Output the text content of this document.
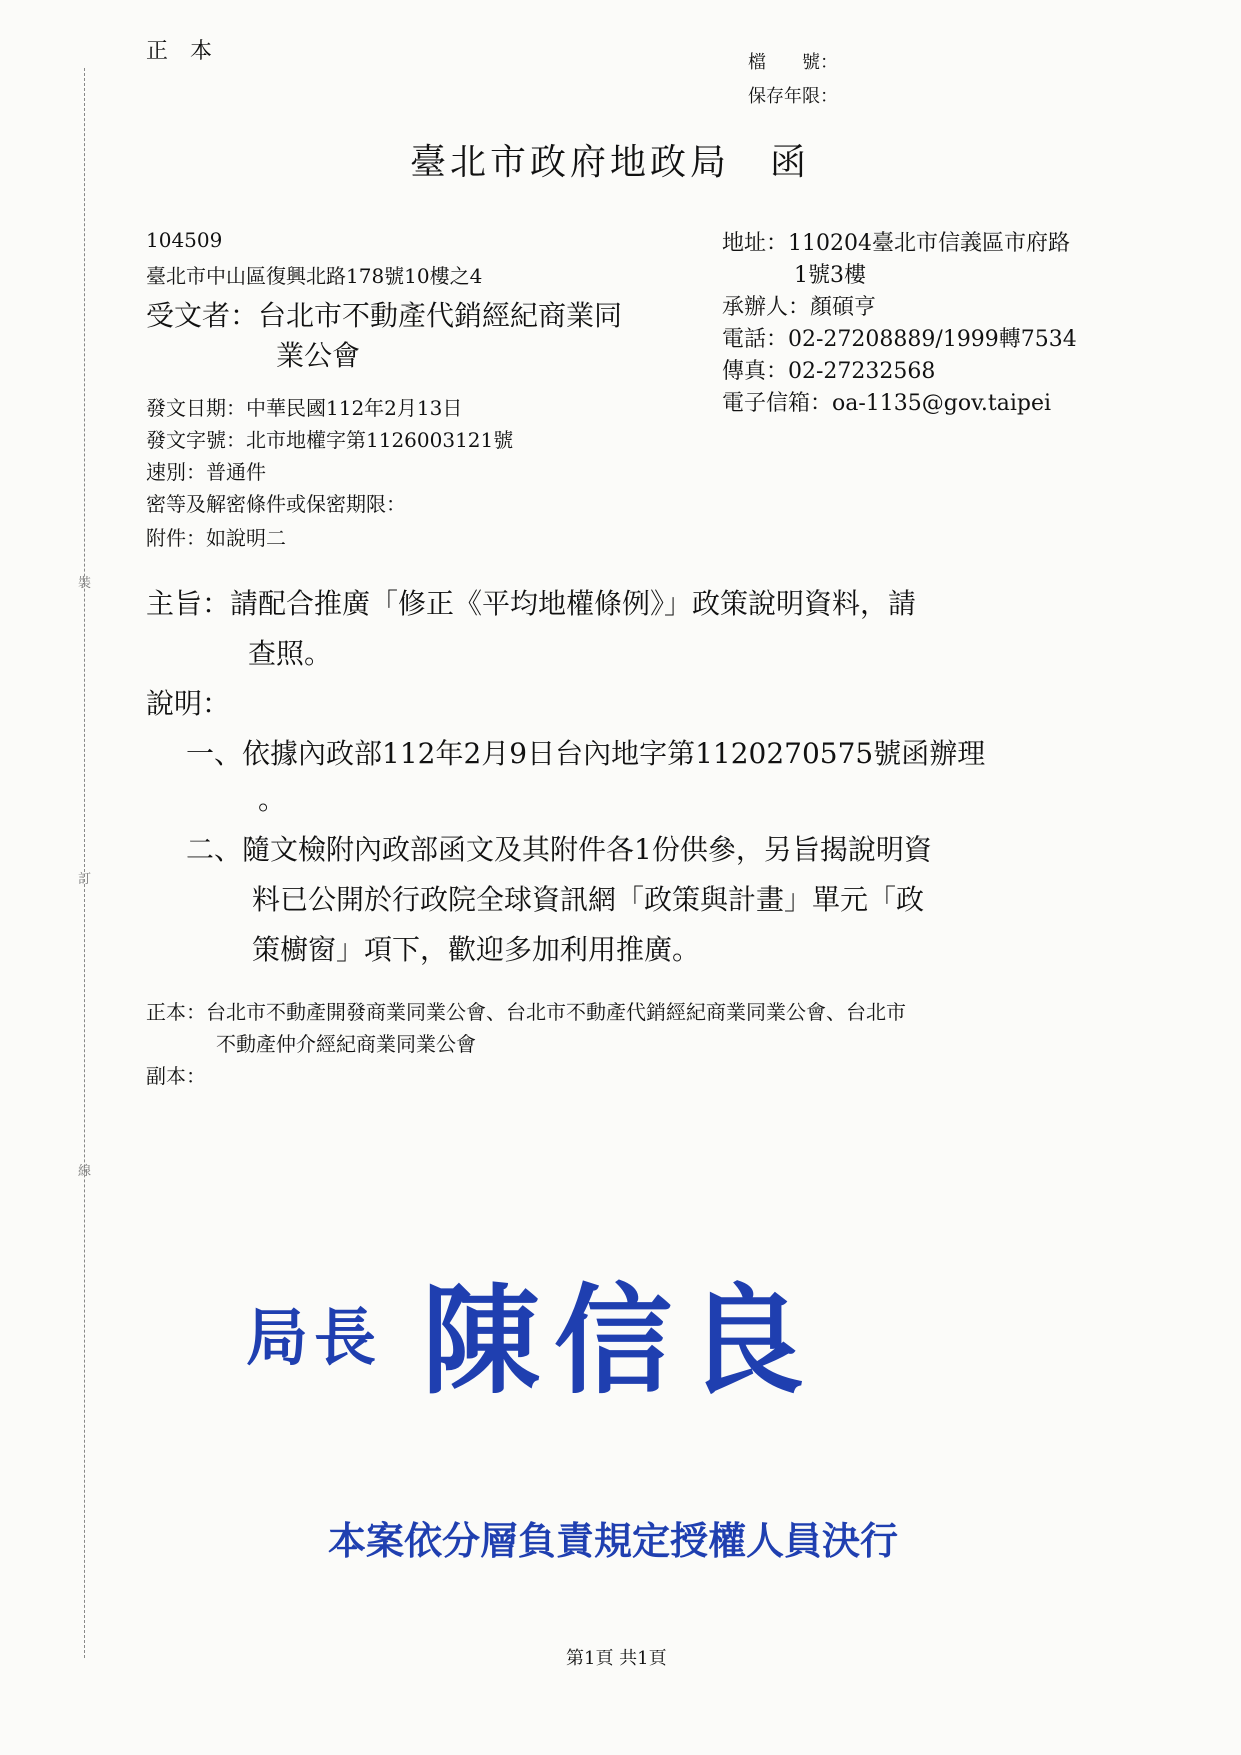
裝
訂
線
正　本	檔　　號：
保存年限：
臺北市政府地政局　函
104509
臺北市中山區復興北路178號10樓之4
受文者：台北市不動產代銷經紀商業同
業公會
地址：110204臺北市信義區市府路
1號3樓
承辦人：顏碩亨
電話：02-27208889/1999轉7534
傳真：02-27232568
電子信箱：oa-1135@gov.taipei
發文日期：中華民國112年2月13日
發文字號：北市地權字第1126003121號
速別：普通件
密等及解密條件或保密期限：
附件：如說明二
主旨：請配合推廣「修正《平均地權條例》」政策說明資料，請
查照。
說明：
一、依據內政部112年2月9日台內地字第1120270575號函辦理
。
二、隨文檢附內政部函文及其附件各1份供參，另旨揭說明資
料已公開於行政院全球資訊網「政策與計畫」單元「政
策櫥窗」項下，歡迎多加利用推廣。
正本：台北市不動產開發商業同業公會、台北市不動產代銷經紀商業同業公會、台北市
不動產仲介經紀商業同業公會
副本：
局長 陳信良
本案依分層負責規定授權人員決行
第1頁 共1頁
